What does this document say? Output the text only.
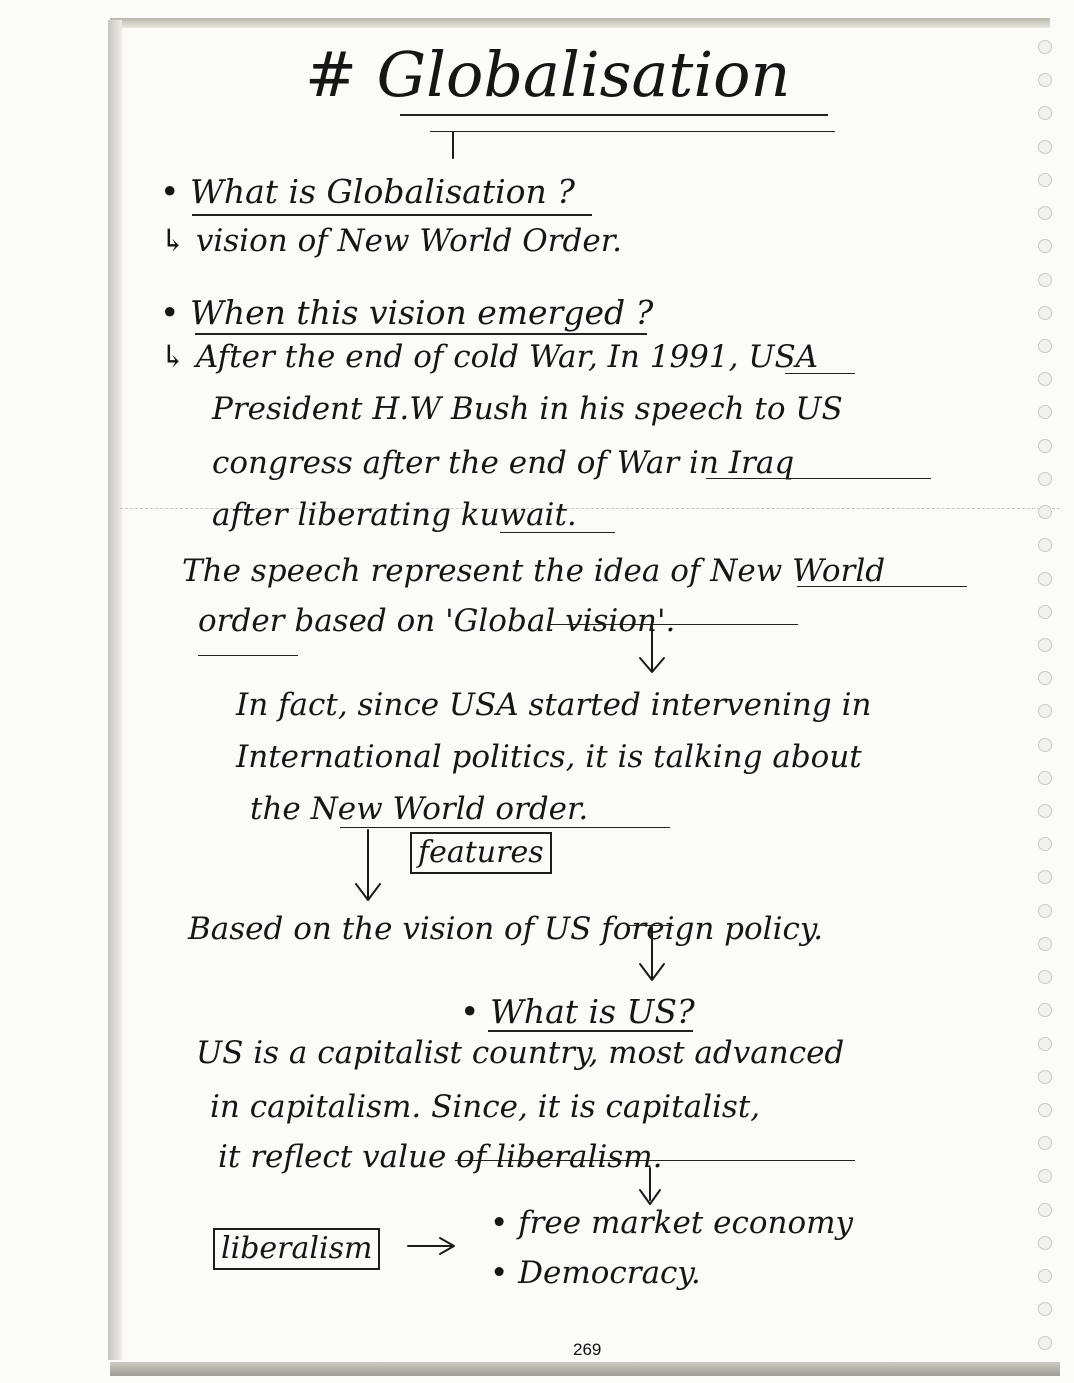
# Globalisation

• What is Globalisation ?

↳ vision of New World Order.

• When this vision emerged ?

↳ After the end of cold War, In 1991, USA

President H.W Bush in his speech to US

congress after the end of War in Iraq

after liberating kuwait.

The speech represent the idea of New World

order based on 'Global vision'.

In fact, since USA started intervening in

International politics, it is talking about

the New World order.

features

Based on the vision of US foreign policy.

• What is US?

US is a capitalist country, most advanced

in capitalism. Since, it is capitalist,

it reflect value of liberalism.

liberalism

• free market economy

• Democracy.

269
